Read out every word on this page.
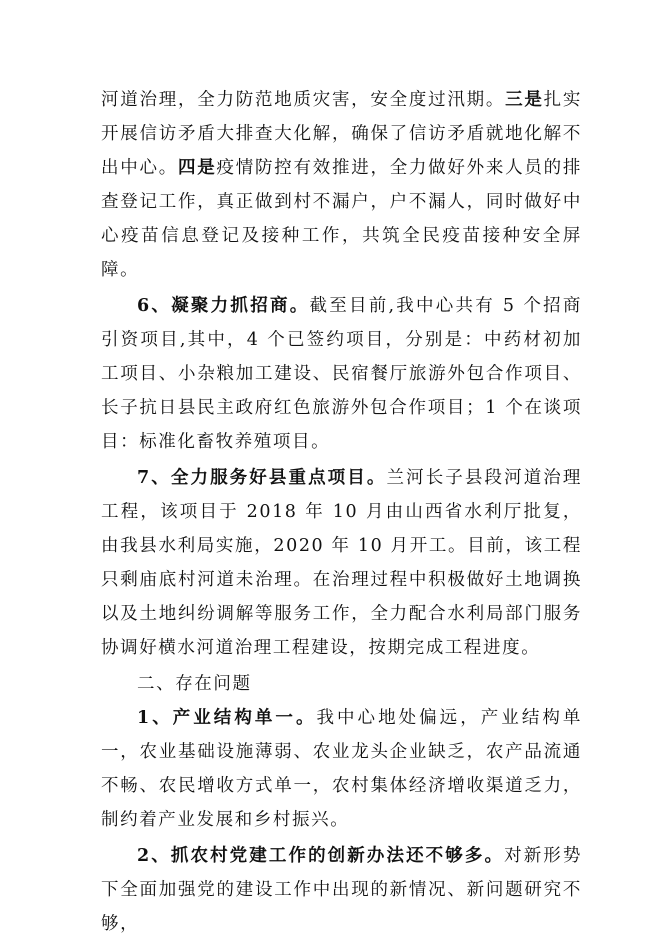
河道治理，全力防范地质灾害，安全度过汛期。三是扎实开展信访矛盾大排查大化解，确保了信访矛盾就地化解不出中心。四是疫情防控有效推进，全力做好外来人员的排查登记工作，真正做到村不漏户，户不漏人，同时做好中心疫苗信息登记及接种工作，共筑全民疫苗接种安全屏障。

6、凝聚力抓招商。截至目前,我中心共有 5 个招商引资项目,其中，4 个已签约项目，分别是：中药材初加工项目、小杂粮加工建设、民宿餐厅旅游外包合作项目、长子抗日县民主政府红色旅游外包合作项目；1 个在谈项目：标准化畜牧养殖项目。

7、全力服务好县重点项目。兰河长子县段河道治理工程，该项目于 2018 年 10 月由山西省水利厅批复，由我县水利局实施，2020 年 10 月开工。目前，该工程只剩庙底村河道未治理。在治理过程中积极做好土地调换以及土地纠纷调解等服务工作，全力配合水利局部门服务协调好横水河道治理工程建设，按期完成工程进度。

二、存在问题

1、产业结构单一。我中心地处偏远，产业结构单一，农业基础设施薄弱、农业龙头企业缺乏，农产品流通不畅、农民增收方式单一，农村集体经济增收渠道乏力，制约着产业发展和乡村振兴。

2、抓农村党建工作的创新办法还不够多。对新形势下全面加强党的建设工作中出现的新情况、新问题研究不够，
